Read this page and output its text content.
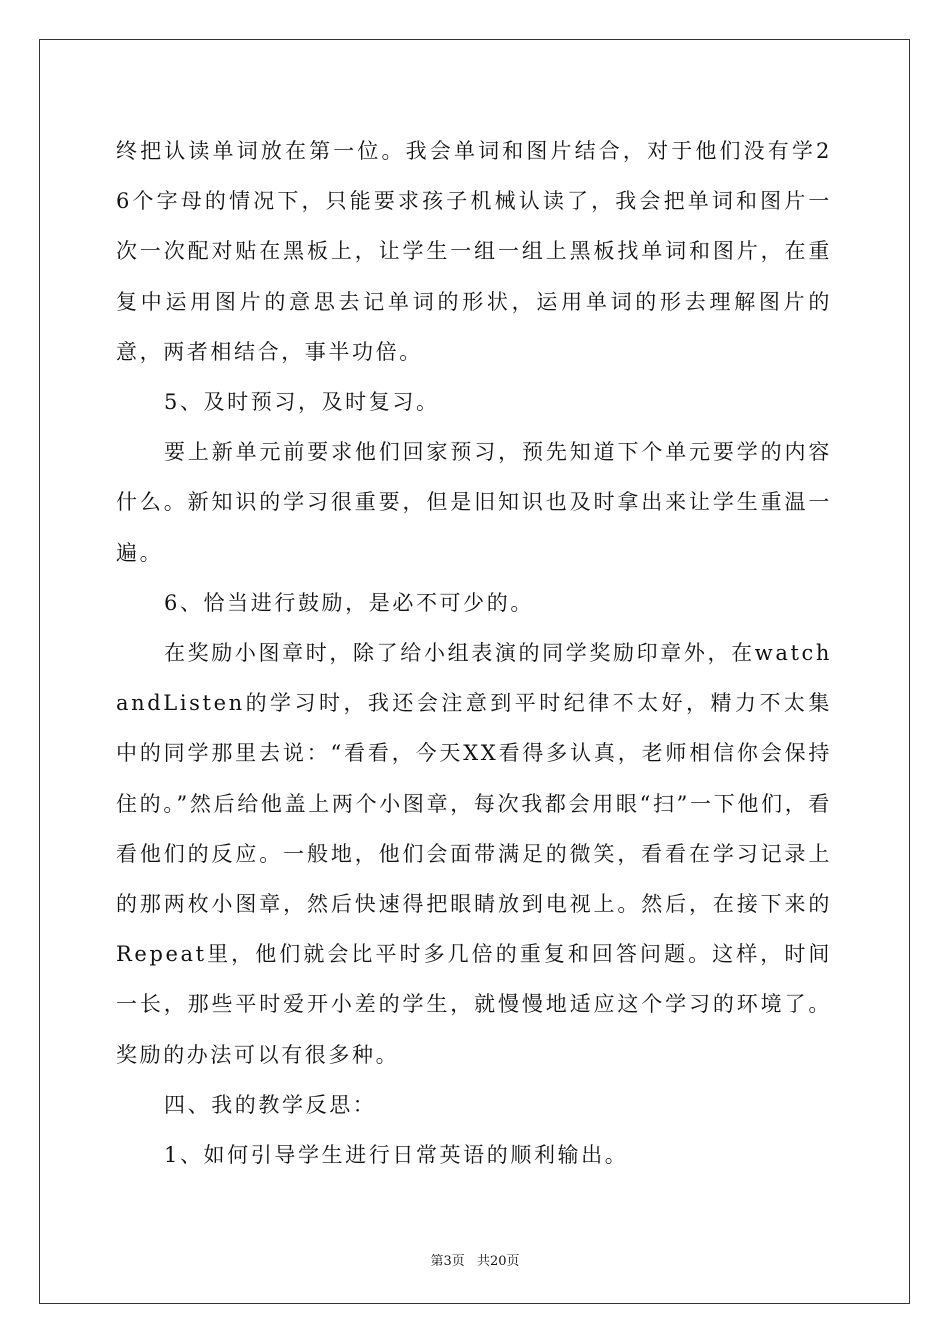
终把认读单词放在第一位。我会单词和图片结合，对于他们没有学26个字母的情况下，只能要求孩子机械认读了，我会把单词和图片一次一次配对贴在黑板上，让学生一组一组上黑板找单词和图片，在重复中运用图片的意思去记单词的形状，运用单词的形去理解图片的意，两者相结合，事半功倍。

5、及时预习，及时复习。

要上新单元前要求他们回家预习，预先知道下个单元要学的内容什么。新知识的学习很重要，但是旧知识也及时拿出来让学生重温一遍。

6、恰当进行鼓励，是必不可少的。

在奖励小图章时，除了给小组表演的同学奖励印章外，在watchandListen的学习时，我还会注意到平时纪律不太好，精力不太集中的同学那里去说：“看看，今天XX看得多认真，老师相信你会保持住的。”然后给他盖上两个小图章，每次我都会用眼“扫”一下他们，看看他们的反应。一般地，他们会面带满足的微笑，看看在学习记录上的那两枚小图章，然后快速得把眼睛放到电视上。然后，在接下来的Repeat里，他们就会比平时多几倍的重复和回答问题。这样，时间一长，那些平时爱开小差的学生，就慢慢地适应这个学习的环境了。奖励的办法可以有很多种。

四、我的教学反思：

1、如何引导学生进行日常英语的顺利输出。

第3页 共20页
